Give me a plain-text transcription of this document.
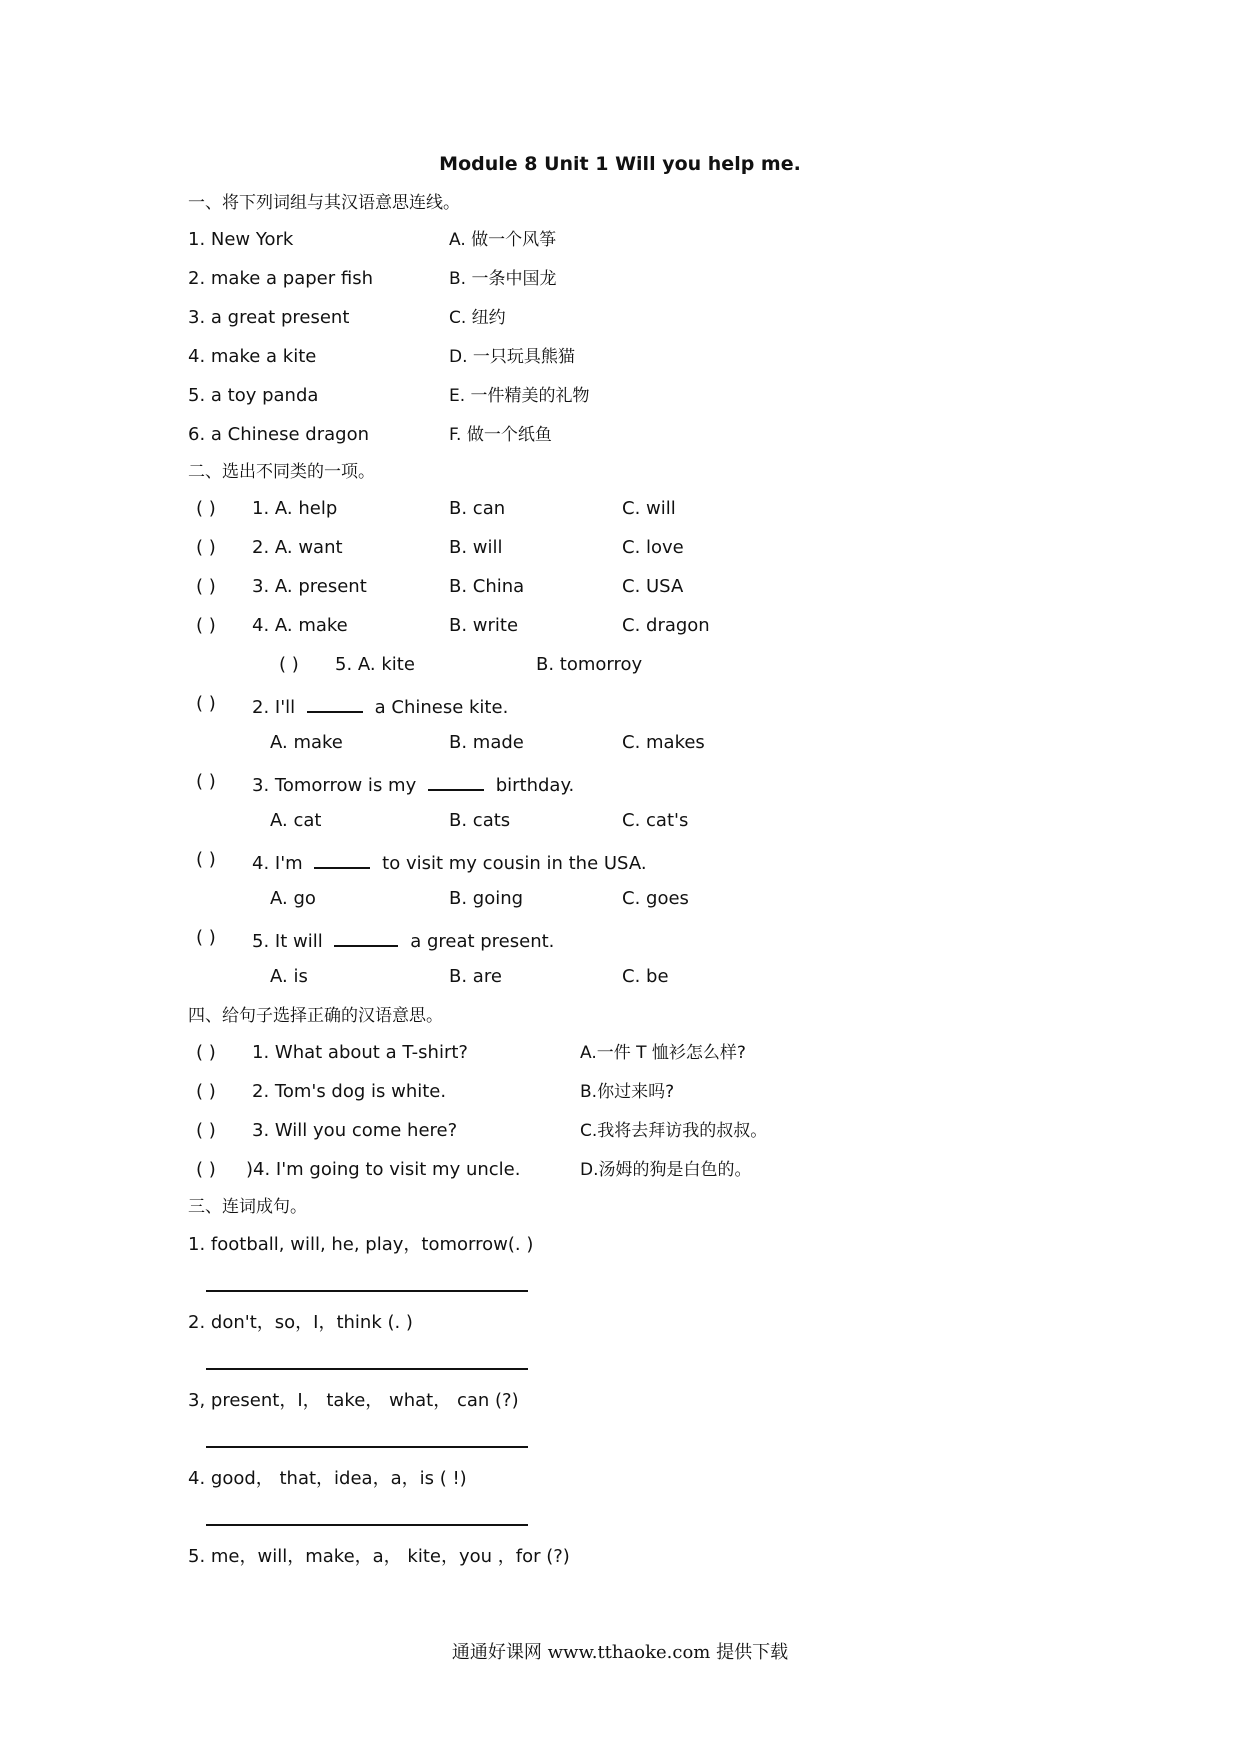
Module 8 Unit 1 Will you help me.
一、将下列词组与其汉语意思连线。
1. New York	A. 做一个风筝
2. make a paper fish	B. 一条中国龙
3. a great present	C. 纽约
4. make a kite	D. 一只玩具熊猫
5. a toy panda	E. 一件精美的礼物
6. a Chinese dragon	F. 做一个纸鱼
二、选出不同类的一项。
( ) 1. A. help	B. can	C. will
( ) 2. A. want	B. will	C. love
( ) 3. A. present	B. China	C. USA
( ) 4. A. make	B. write	C. dragon
( ) 5. A. kite	B. tomorroy
( ) 2. I'll	a Chinese kite.
A. make	B. made	C. makes
( ) 3. Tomorrow is my	birthday.
A. cat	B. cats	C. cat's
( ) 4. I'm	to visit my cousin in the USA.
A. go	B. going	C. goes
( ) 5. It will	a great present.
A. is	B. are	C. be
四、给句子选择正确的汉语意思。
( ) 1. What about a T-shirt?	A.一件 T 恤衫怎么样?
( ) 2. Tom's dog is white.	B.你过来吗?
( ) 3. Will you come here?	C.我将去拜访我的叔叔。
( ) )4. I'm going to visit my uncle.	D.汤姆的狗是白色的。
三、连词成句。
1. football, will, he, play，tomorrow(. )
2. don't，so，I，think (. )
3, present，I， take， what， can (?)
4. good， that，idea，a，is ( !)
5. me，will，make，a， kite，you ，for (?)
通通好课网 www.tthaoke.com 提供下载
